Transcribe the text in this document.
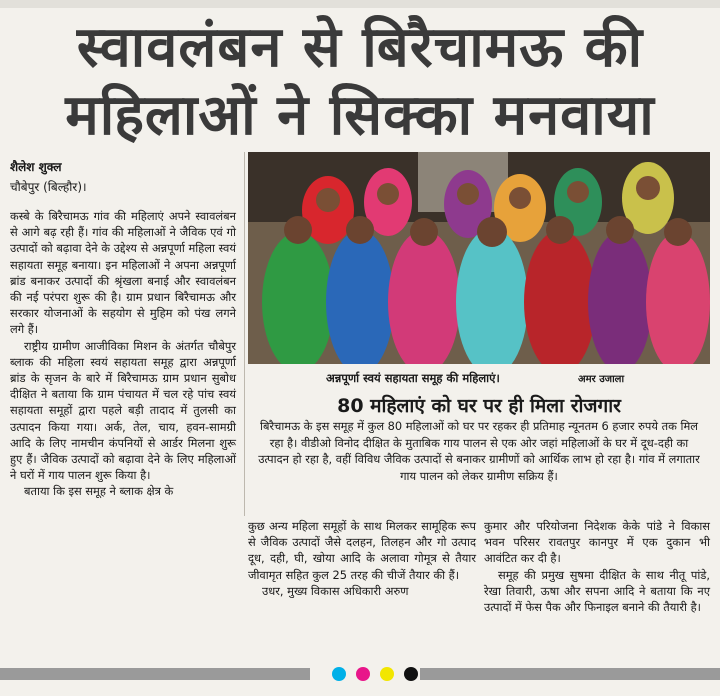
स्वावलंबन से बिरैचामऊ की
महिलाओं ने सिक्का मनवाया
शैलेश शुक्ल
चौबेपुर (बिल्हौर)।

कस्बे के बिरैचामऊ गांव की महिलाएं अपने स्वावलंबन से आगे बढ़ रही हैं। गांव की महिलाओं ने जैविक एवं गो उत्पादों को बढ़ावा देने के उद्देश्य से अन्नपूर्णा महिला स्वयं सहायता समूह बनाया। इन महिलाओं ने अपना अन्नपूर्णा ब्रांड बनाकर उत्पादों की श्रृंखला बनाई और स्वावलंबन की नई परंपरा शुरू की है। ग्राम प्रधान बिरैचामऊ और सरकार योजनाओं के सहयोग से मुहिम को पंख लगने लगे हैं।

राष्ट्रीय ग्रामीण आजीविका मिशन के अंतर्गत चौबेपुर ब्लाक की महिला स्वयं सहायता समूह द्वारा अन्नपूर्णा ब्रांड के सृजन के बारे में बिरैचामऊ ग्राम प्रधान सुबोध दीक्षित ने बताया कि ग्राम पंचायत में चल रहे पांच स्वयं सहायता समूहों द्वारा पहले बड़ी तादाद में तुलसी का उत्पादन किया गया। अर्क, तेल, चाय, हवन-सामग्री आदि के लिए नामचीन कंपनियों से आर्डर मिलना शुरू हुए हैं। जैविक उत्पादों को बढ़ावा देने के लिए महिलाओं ने घरों में गाय पालन शुरू किया है।

बताया कि इस समूह ने ब्लाक क्षेत्र के

अन्नपूर्णा स्वयं सहायता समूह की महिलाएं।	अमर उजाला
80 महिलाएं को घर पर ही मिला रोजगार
बिरैचामऊ के इस समूह में कुल 80 महिलाओं को घर पर रहकर ही प्रतिमाह न्यूनतम 6 हजार रुपये तक मिल रहा है। वीडीओ विनोद दीक्षित के मुताबिक गाय पालन से एक ओर जहां महिलाओं के घर में दूध-दही का उत्पादन हो रहा है, वहीं विविध जैविक उत्पादों से बनाकर ग्रामीणों को आर्थिक लाभ हो रहा है। गांव में लगातार गाय पालन को लेकर ग्रामीण सक्रिय हैं।

कुछ अन्य महिला समूहों के साथ मिलकर सामूहिक रूप से जैविक उत्पादों जैसे दलहन, तिलहन और गो उत्पाद दूध, दही, घी, खोया आदि के अलावा गोमूत्र से तैयार जीवामृत सहित कुल 25 तरह की चीजें तैयार की हैं।

उधर, मुख्य विकास अधिकारी अरुण

कुमार और परियोजना निदेशक केके पांडे ने विकास भवन परिसर रावतपुर कानपुर में एक दुकान भी आवंटित कर दी है।

समूह की प्रमुख सुषमा दीक्षित के साथ नीतू पांडे, रेखा तिवारी, ऊषा और सपना आदि ने बताया कि नए उत्पादों में फेस पैक और फिनाइल बनाने की तैयारी है।
